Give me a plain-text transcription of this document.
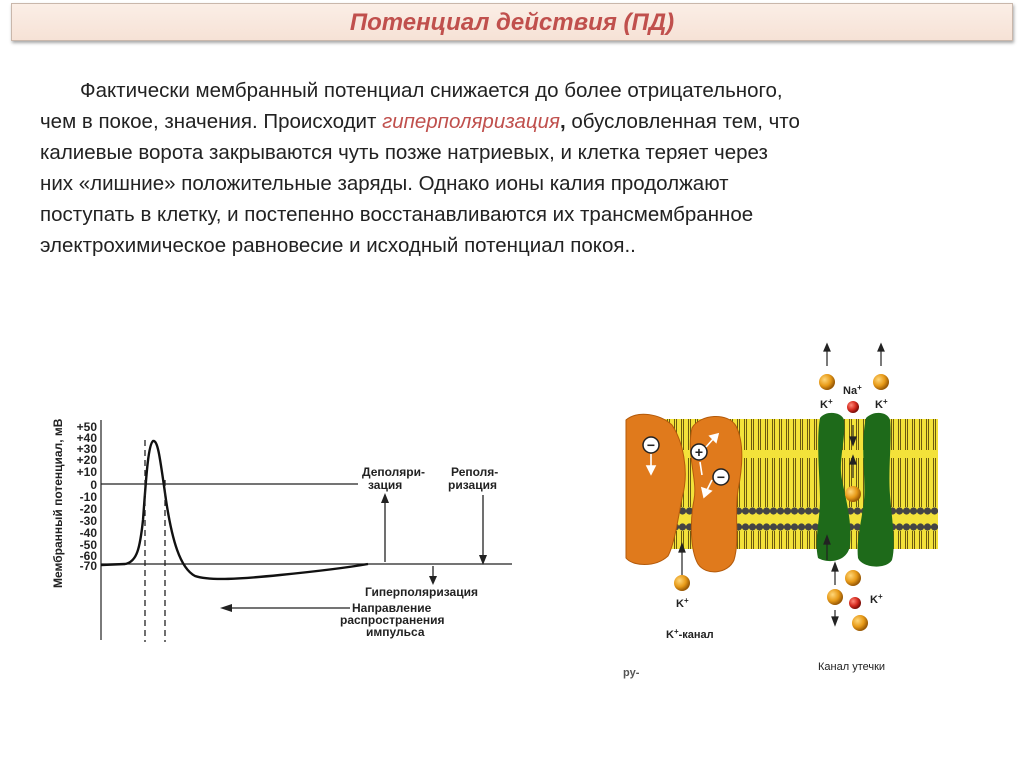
Потенциал действия (ПД)
Фактически мембранный потенциал снижается до более отрицательного,
чем в покое, значения. Происходит гиперполяризация, обусловленная тем, что
калиевые ворота закрываются чуть позже натриевых, и клетка теряет через
них «лишние» положительные заряды. Однако ионы калия продолжают
поступать в клетку, и постепенно восстанавливаются их трансмембранное
электрохимическое равновесие и исходный потенциал покоя..
Мембранный потенциал, мВ +50
+40
+30
+20
+10
0
-10
-20
-30
-40
-50
-60
-70
Деполяри-
зация
Реполя-
ризация
Гиперполяризация
Направление
распространения
импульса
−	+
−
Na+
K+	K+
K+	K+
K+-канал
Канал утечки
ру-
